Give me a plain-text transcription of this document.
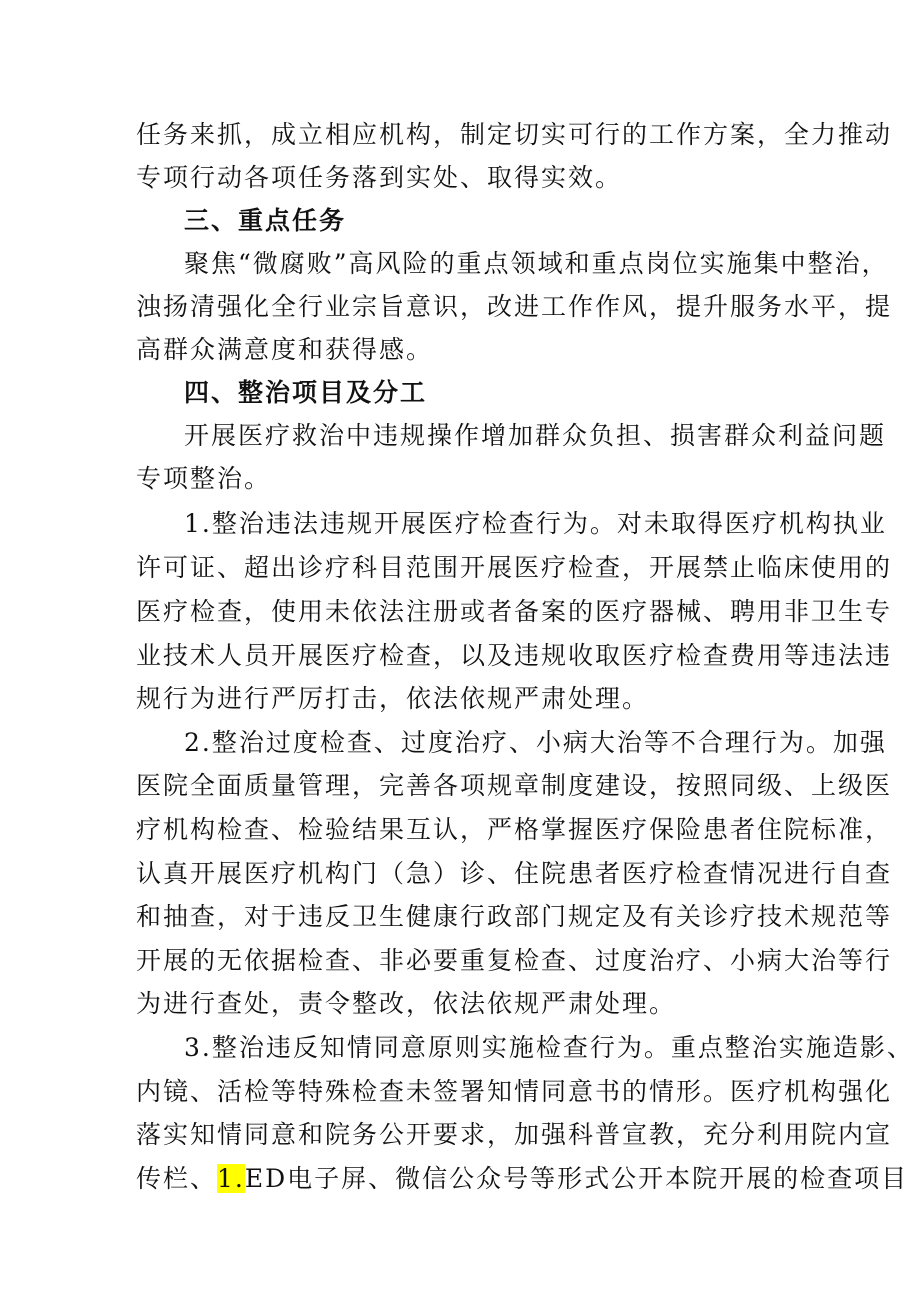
任务来抓，成立相应机构，制定切实可行的工作方案，全力推动
专项行动各项任务落到实处、取得实效。
三、重点任务
聚焦“微腐败”高风险的重点领域和重点岗位实施集中整治，
浊扬清强化全行业宗旨意识，改进工作作风，提升服务水平，提
高群众满意度和获得感。
四、整治项目及分工
开展医疗救治中违规操作增加群众负担、损害群众利益问题
专项整治。
1.整治违法违规开展医疗检查行为。对未取得医疗机构执业
许可证、超出诊疗科目范围开展医疗检查，开展禁止临床使用的
医疗检查，使用未依法注册或者备案的医疗器械、聘用非卫生专
业技术人员开展医疗检查，以及违规收取医疗检查费用等违法违
规行为进行严厉打击，依法依规严肃处理。
2.整治过度检查、过度治疗、小病大治等不合理行为。加强
医院全面质量管理，完善各项规章制度建设，按照同级、上级医
疗机构检查、检验结果互认，严格掌握医疗保险患者住院标准，
认真开展医疗机构门（急）诊、住院患者医疗检查情况进行自查
和抽查，对于违反卫生健康行政部门规定及有关诊疗技术规范等
开展的无依据检查、非必要重复检查、过度治疗、小病大治等行
为进行查处，责令整改，依法依规严肃处理。
3.整治违反知情同意原则实施检查行为。重点整治实施造影、
内镜、活检等特殊检查未签署知情同意书的情形。医疗机构强化
落实知情同意和院务公开要求，加强科普宣教，充分利用院内宣
传栏、1.ED电子屏、微信公众号等形式公开本院开展的检查项目
